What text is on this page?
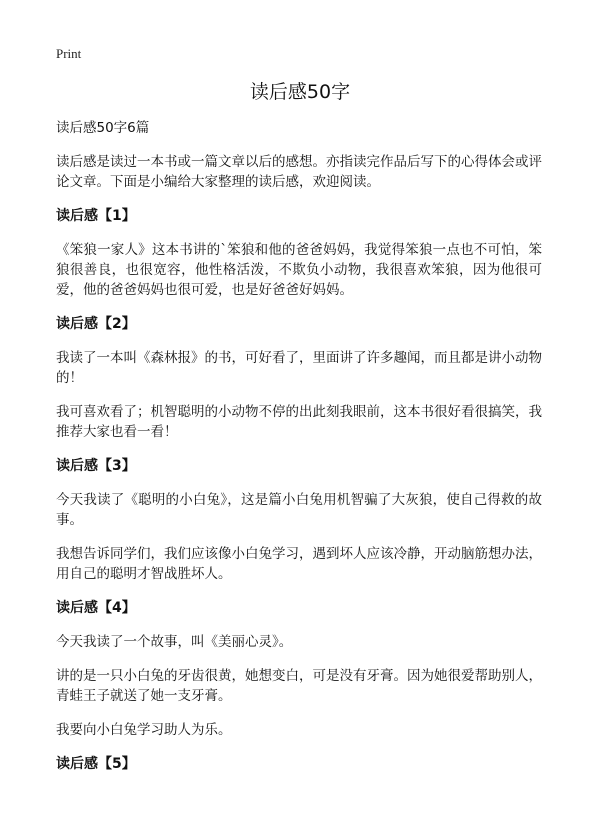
Print
读后感50字

读后感50字6篇

读后感是读过一本书或一篇文章以后的感想。亦指读完作品后写下的心得体会或评论文章。下面是小编给大家整理的读后感，欢迎阅读。

读后感【1】

《笨狼一家人》这本书讲的`笨狼和他的爸爸妈妈，我觉得笨狼一点也不可怕，笨狼很善良，也很宽容，他性格活泼，不欺负小动物，我很喜欢笨狼，因为他很可爱，他的爸爸妈妈也很可爱，也是好爸爸好妈妈。

读后感【2】

我读了一本叫《森林报》的书，可好看了，里面讲了许多趣闻，而且都是讲小动物的！

我可喜欢看了；机智聪明的小动物不停的出此刻我眼前，这本书很好看很搞笑，我推荐大家也看一看！

读后感【3】

今天我读了《聪明的小白兔》，这是篇小白兔用机智骗了大灰狼，使自己得救的故事。

我想告诉同学们，我们应该像小白兔学习，遇到坏人应该冷静，开动脑筋想办法，用自己的聪明才智战胜坏人。

读后感【4】

今天我读了一个故事，叫《美丽心灵》。

讲的是一只小白兔的牙齿很黄，她想变白，可是没有牙膏。因为她很爱帮助别人，青蛙王子就送了她一支牙膏。

我要向小白兔学习助人为乐。

读后感【5】
